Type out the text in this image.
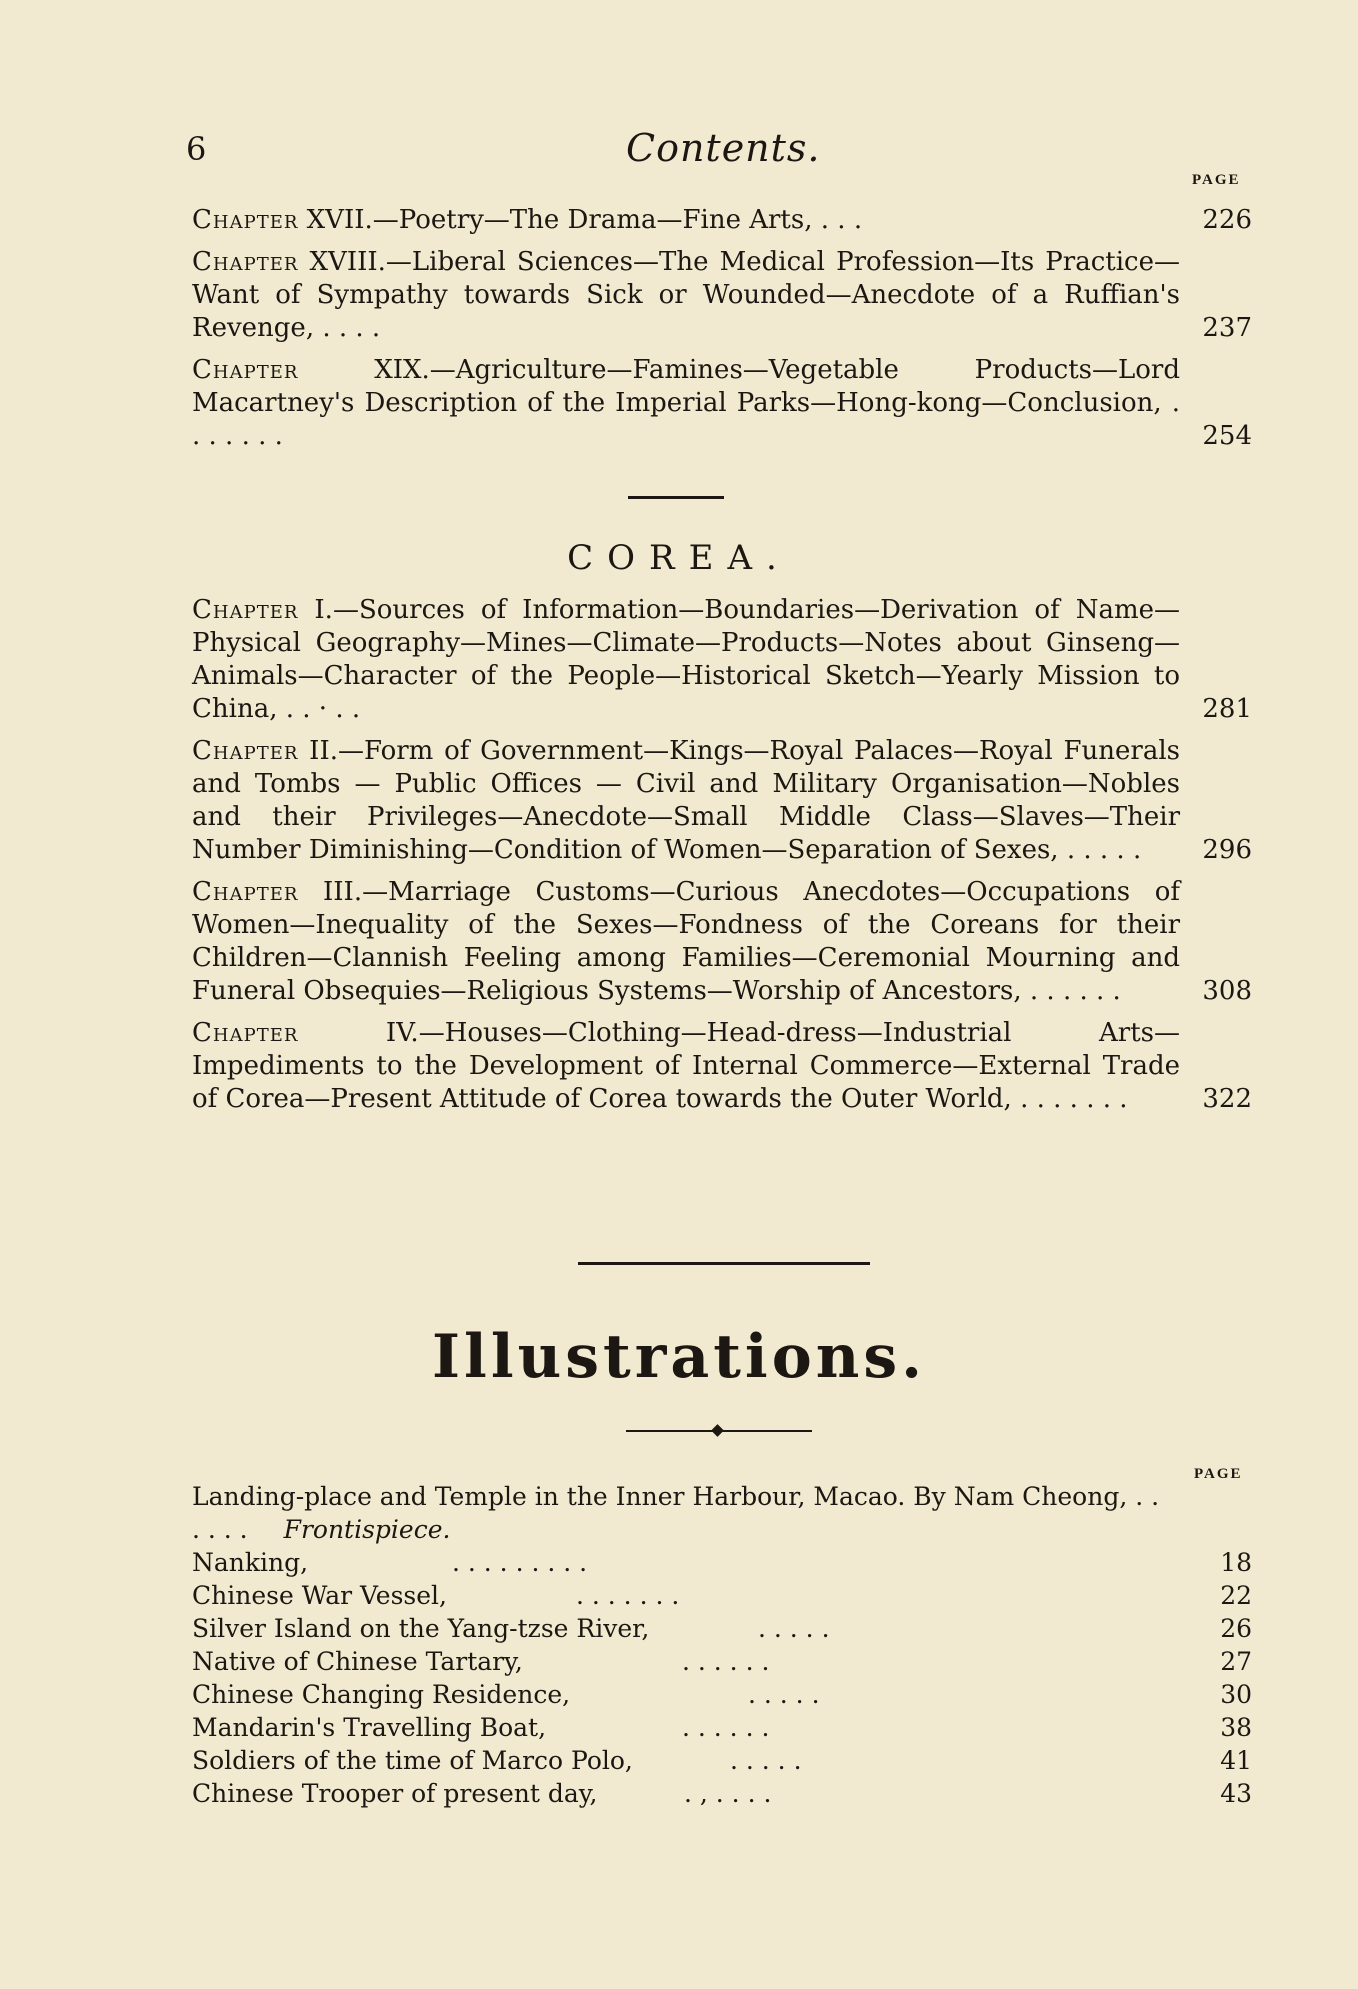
6	Contents.
PAGE
Chapter XVII.—Poetry—The Drama—Fine Arts, . . .	226
Chapter XVIII.—Liberal Sciences—The Medical Profession—Its Practice—Want of Sympathy towards Sick or Wounded—Anecdote of a Ruffian's Revenge, . . . .	237
Chapter XIX.—Agriculture—Famines—Vegetable Products—Lord Macartney's Description of the Imperial Parks—Hong-kong—Conclusion, . . . . . . .	254
COREA.
Chapter I.—Sources of Information—Boundaries—Derivation of Name—Physical Geography—Mines—Climate—Products—Notes about Ginseng—Animals—Character of the People—Historical Sketch—Yearly Mission to China, . . · . .	281
Chapter II.—Form of Government—Kings—Royal Palaces—Royal Funerals and Tombs — Public Offices — Civil and Military Organisation—Nobles and their Privileges—Anecdote—Small Middle Class—Slaves—Their Number Diminishing—Condition of Women—Separation of Sexes, . . . . .	296
Chapter III.—Marriage Customs—Curious Anecdotes—Occupations of Women—Inequality of the Sexes—Fondness of the Coreans for their Children—Clannish Feeling among Families—Ceremonial Mourning and Funeral Obsequies—Religious Systems—Worship of Ancestors, . . . . . .	308
Chapter IV.—Houses—Clothing—Head-dress—Industrial Arts—Impediments to the Development of Internal Commerce—External Trade of Corea—Present Attitude of Corea towards the Outer World, . . . . . . .	322
Illustrations.
PAGE
Landing-place and Temple in the Inner Harbour, Macao. By Nam Cheong, . . . . . . Frontispiece.
Nanking,	. . . . . . . . .	18
Chinese War Vessel,	. . . . . . .	22
Silver Island on the Yang-tzse River,	. . . . .	26
Native of Chinese Tartary,	. . . . . .	27
Chinese Changing Residence,	. . . . .	30
Mandarin's Travelling Boat,	. . . . . .	38
Soldiers of the time of Marco Polo,	. . . . .	41
Chinese Trooper of present day,	. , . . . .	43
